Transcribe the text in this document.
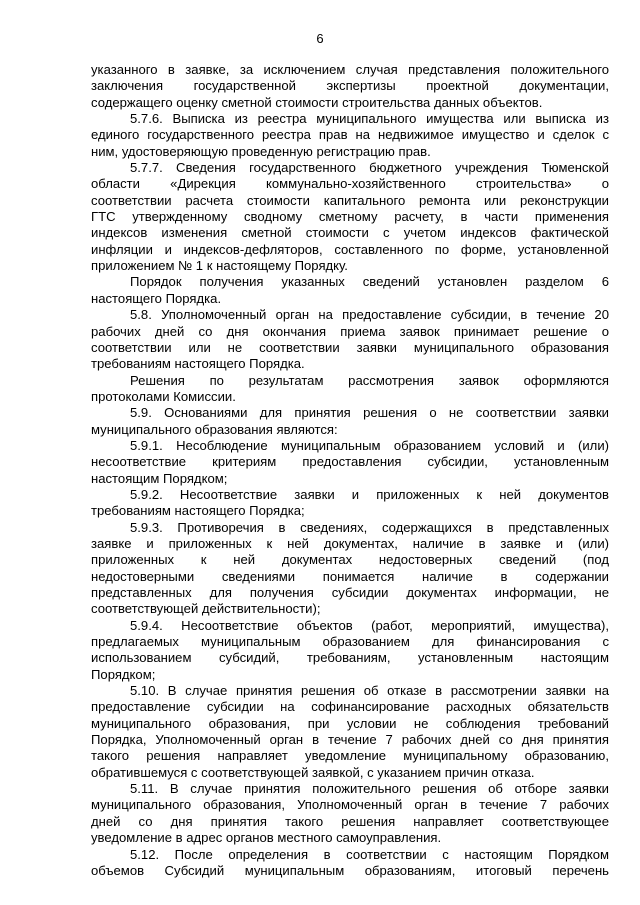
6

указанного в заявке, за исключением случая представления положительного

заключения государственной экспертизы проектной документации,

содержащего оценку сметной стоимости строительства данных объектов.

5.7.6. Выписка из реестра муниципального имущества или выписка из

единого государственного реестра прав на недвижимое имущество и сделок с

ним, удостоверяющую проведенную регистрацию прав.

5.7.7. Сведения государственного бюджетного учреждения Тюменской

области «Дирекция коммунально-хозяйственного строительства» о

соответствии расчета стоимости капитального ремонта или реконструкции

ГТС утвержденному сводному сметному расчету, в части применения

индексов изменения сметной стоимости с учетом индексов фактической

инфляции и индексов-дефляторов, составленного по форме, установленной

приложением № 1 к настоящему Порядку.

Порядок получения указанных сведений установлен разделом 6

настоящего Порядка.

5.8. Уполномоченный орган на предоставление субсидии, в течение 20

рабочих дней со дня окончания приема заявок принимает решение о

соответствии или не соответствии заявки муниципального образования

требованиям настоящего Порядка.

Решения по результатам рассмотрения заявок оформляются

протоколами Комиссии.

5.9. Основаниями для принятия решения о не соответствии заявки

муниципального образования являются:

5.9.1. Несоблюдение муниципальным образованием условий и (или)

несоответствие критериям предоставления субсидии, установленным

настоящим Порядком;

5.9.2. Несоответствие заявки и приложенных к ней документов

требованиям настоящего Порядка;

5.9.3. Противоречия в сведениях, содержащихся в представленных

заявке и приложенных к ней документах, наличие в заявке и (или)

приложенных к ней документах недостоверных сведений (под

недостоверными сведениями понимается наличие в содержании

представленных для получения субсидии документах информации, не

соответствующей действительности);

5.9.4. Несоответствие объектов (работ, мероприятий, имущества),

предлагаемых муниципальным образованием для финансирования с

использованием субсидий, требованиям, установленным настоящим

Порядком;

5.10. В случае принятия решения об отказе в рассмотрении заявки на

предоставление субсидии на софинансирование расходных обязательств

муниципального образования, при условии не соблюдения требований

Порядка, Уполномоченный орган в течение 7 рабочих дней со дня принятия

такого решения направляет уведомление муниципальному образованию,

обратившемуся с соответствующей заявкой, с указанием причин отказа.

5.11. В случае принятия положительного решения об отборе заявки

муниципального образования, Уполномоченный орган в течение 7 рабочих

дней со дня принятия такого решения направляет соответствующее

уведомление в адрес органов местного самоуправления.

5.12. После определения в соответствии с настоящим Порядком

объемов Субсидий муниципальным образованиям, итоговый перечень
